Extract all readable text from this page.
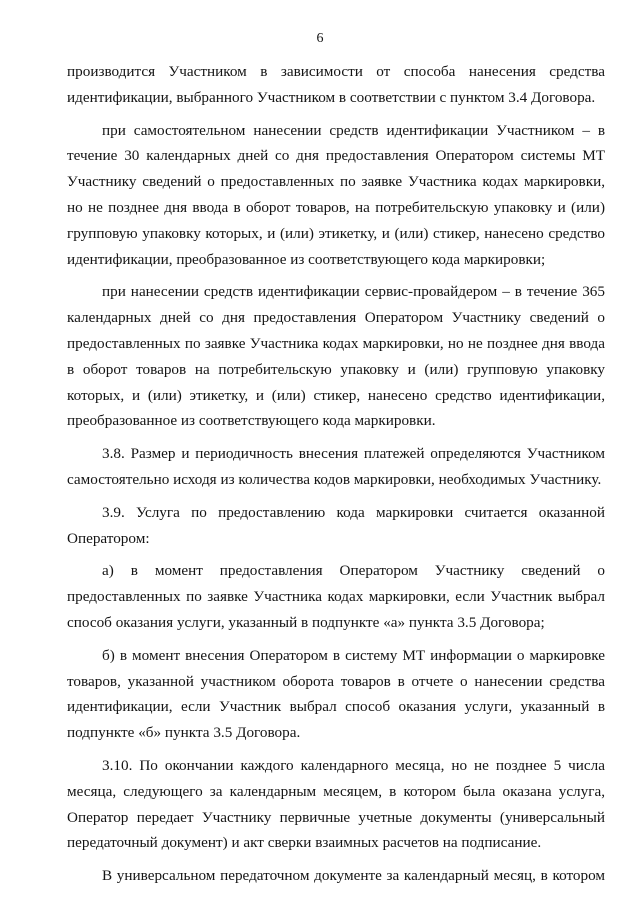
6

производится Участником в зависимости от способа нанесения средства идентификации, выбранного Участником в соответствии с пунктом 3.4 Договора.

при самостоятельном нанесении средств идентификации Участником – в течение 30 календарных дней со дня предоставления Оператором системы МТ Участнику сведений о предоставленных по заявке Участника кодах маркировки, но не позднее дня ввода в оборот товаров, на потребительскую упаковку и (или) групповую упаковку которых, и (или) этикетку, и (или) стикер, нанесено средство идентификации, преобразованное из соответствующего кода маркировки;

при нанесении средств идентификации сервис-провайдером – в течение 365 календарных дней со дня предоставления Оператором Участнику сведений о предоставленных по заявке Участника кодах маркировки, но не позднее дня ввода в оборот товаров на потребительскую упаковку и (или) групповую упаковку которых, и (или) этикетку, и (или) стикер, нанесено средство идентификации, преобразованное из соответствующего кода маркировки.

3.8. Размер и периодичность внесения платежей определяются Участником самостоятельно исходя из количества кодов маркировки, необходимых Участнику.

3.9. Услуга по предоставлению кода маркировки считается оказанной Оператором:

а) в момент предоставления Оператором Участнику сведений о предоставленных по заявке Участника кодах маркировки, если Участник выбрал способ оказания услуги, указанный в подпункте «а» пункта 3.5 Договора;

б) в момент внесения Оператором в систему МТ информации о маркировке товаров, указанной участником оборота товаров в отчете о нанесении средства идентификации, если Участник выбрал способ оказания услуги, указанный в подпункте «б» пункта 3.5 Договора.

3.10. По окончании каждого календарного месяца, но не позднее 5 числа месяца, следующего за календарным месяцем, в котором была оказана услуга, Оператор передает Участнику первичные учетные документы (универсальный передаточный документ) и акт сверки взаимных расчетов на подписание.

В универсальном передаточном документе за календарный месяц, в котором
